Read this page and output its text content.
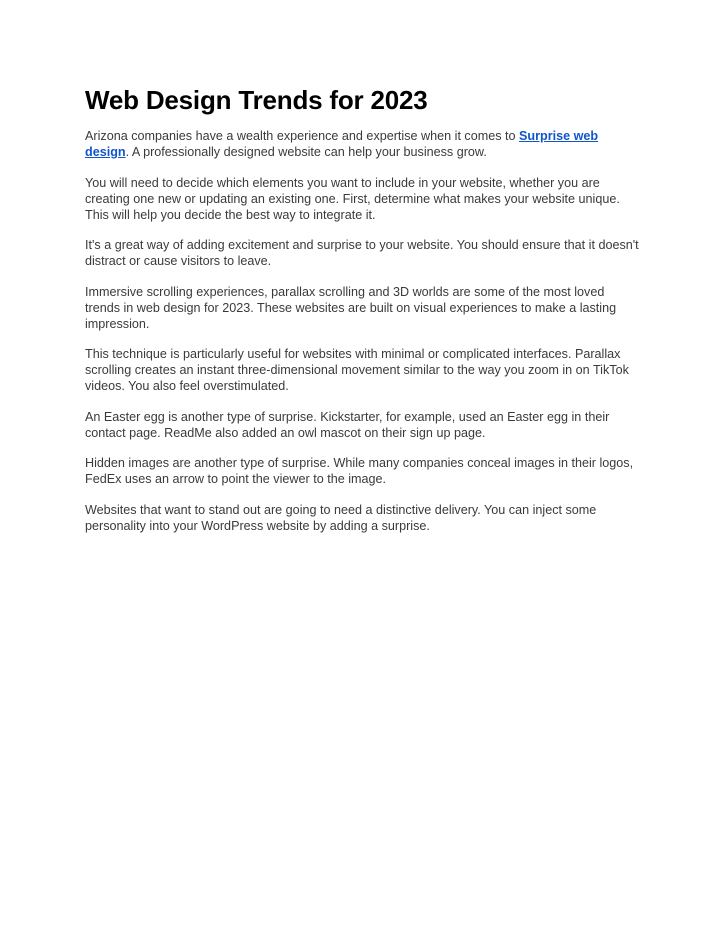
Web Design Trends for 2023

Arizona companies have a wealth experience and expertise when it comes to Surprise web design. A professionally designed website can help your business grow.

You will need to decide which elements you want to include in your website, whether you are creating one new or updating an existing one. First, determine what makes your website unique. This will help you decide the best way to integrate it.

It's a great way of adding excitement and surprise to your website. You should ensure that it doesn't distract or cause visitors to leave.

Immersive scrolling experiences, parallax scrolling and 3D worlds are some of the most loved trends in web design for 2023. These websites are built on visual experiences to make a lasting impression.

This technique is particularly useful for websites with minimal or complicated interfaces. Parallax scrolling creates an instant three-dimensional movement similar to the way you zoom in on TikTok videos. You also feel overstimulated.

An Easter egg is another type of surprise. Kickstarter, for example, used an Easter egg in their contact page. ReadMe also added an owl mascot on their sign up page.

Hidden images are another type of surprise. While many companies conceal images in their logos, FedEx uses an arrow to point the viewer to the image.

Websites that want to stand out are going to need a distinctive delivery. You can inject some personality into your WordPress website by adding a surprise.
